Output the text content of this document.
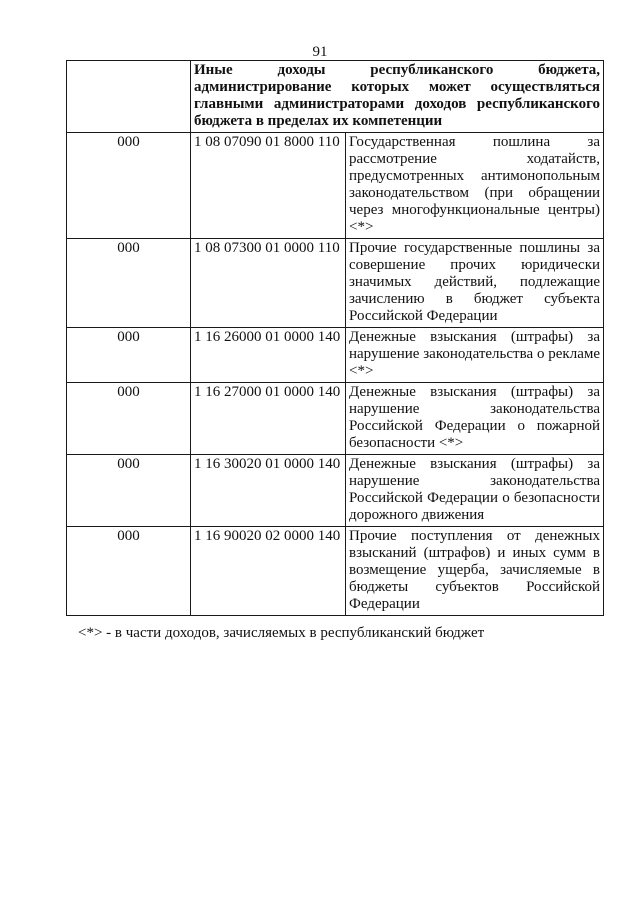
91
	Иные доходы республиканского бюджета, администрирование которых может осуществляться главными администраторами доходов республиканского бюджета в пределах их компетенции	
000	1 08 07090 01 8000 110	Государственная пошлина за рассмотрение ходатайств, предусмотренных антимонопольным законодательством (при обращении через многофункциональные центры) <*>
000	1 08 07300 01 0000 110	Прочие государственные пошлины за совершение прочих юридически значимых действий, подлежащие зачислению в бюджет субъекта Российской Федерации
000	1 16 26000 01 0000 140	Денежные взыскания (штрафы) за нарушение законодательства о рекламе <*>
000	1 16 27000 01 0000 140	Денежные взыскания (штрафы) за нарушение законодательства Российской Федерации о пожарной безопасности <*>
000	1 16 30020 01 0000 140	Денежные взыскания (штрафы) за нарушение законодательства Российской Федерации о безопасности дорожного движения
000	1 16 90020 02 0000 140	Прочие поступления от денежных взысканий (штрафов) и иных сумм в возмещение ущерба, зачисляемые в бюджеты субъектов Российской Федерации
<*> - в части доходов, зачисляемых в республиканский бюджет
